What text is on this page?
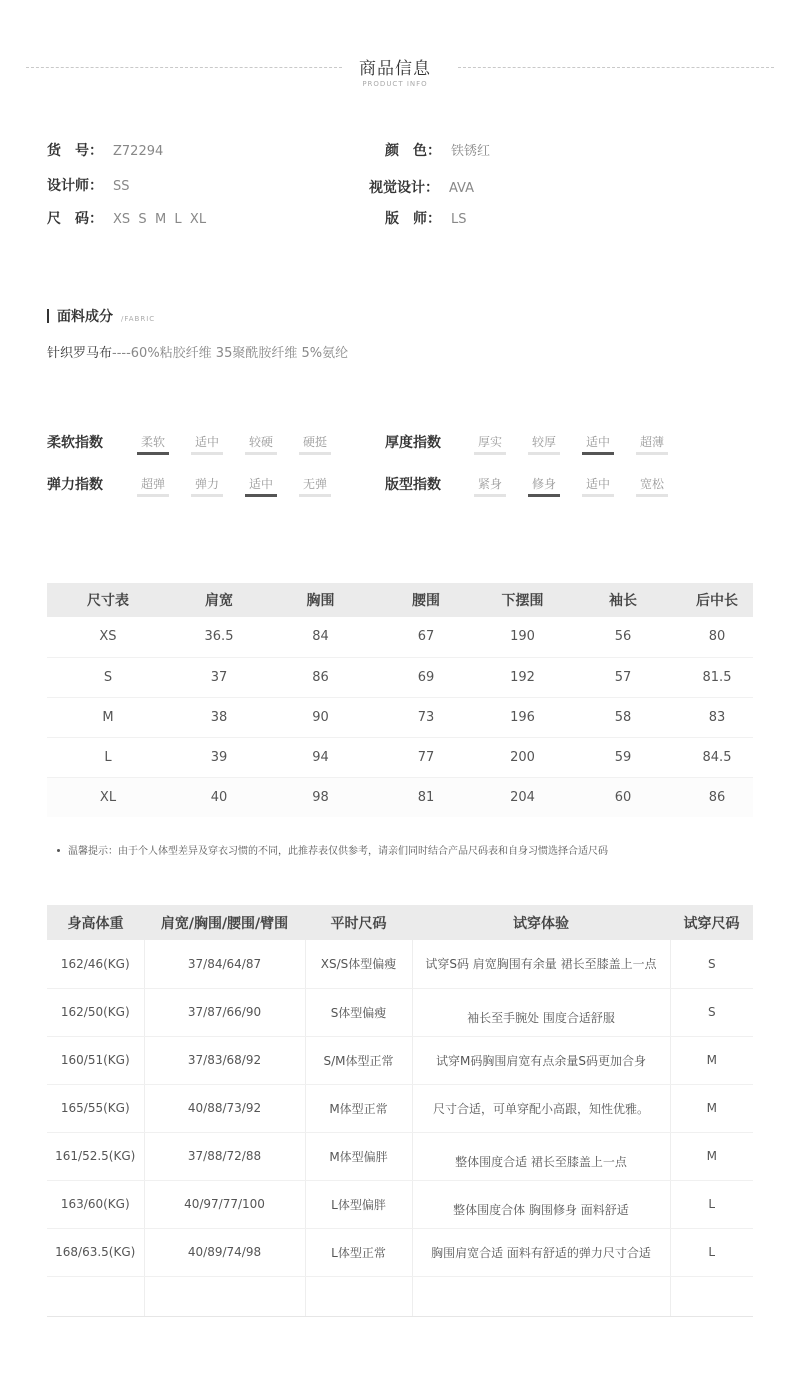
商品信息
PRODUCT INFO
货　号： Z72294	颜　色： 铁锈红
设计师： SS	视觉设计： AVA
尺　码： XS  S  M  L  XL	版　师： LS
面料成分 /FABRIC
针织罗马布----60%粘胶纤维 35聚酰胺纤维 5%氨纶
柔软指数	柔软	适中	较硬	硬挺	厚度指数	厚实	较厚	适中	超薄
弹力指数	超弹	弹力	适中	无弹	版型指数	紧身	修身	适中	宽松
尺寸表	肩宽	胸围	腰围	下摆围	袖长	后中长
XS	36.5	84	67	190	56	80
S	37	86	69	192	57	81.5
M	38	90	73	196	58	83
L	39	94	77	200	59	84.5
XL	40	98	81	204	60	86
温馨提示：由于个人体型差异及穿衣习惯的不同，此推荐表仅供参考，请亲们同时结合产品尺码表和自身习惯选择合适尺码
身高体重	肩宽/胸围/腰围/臂围	平时尺码	试穿体验	试穿尺码
162/46(KG)	37/84/64/87	XS/S体型偏瘦	试穿S码 肩宽胸围有余量 裙长至膝盖上一点	S
162/50(KG)	37/87/66/90	S体型偏瘦	袖长至手腕处 围度合适舒服	S
160/51(KG)	37/83/68/92	S/M体型正常	试穿M码胸围肩宽有点余量S码更加合身	M
165/55(KG)	40/88/73/92	M体型正常	尺寸合适，可单穿配小高跟，知性优雅。	M
161/52.5(KG)	37/88/72/88	M体型偏胖	整体围度合适 裙长至膝盖上一点	M
163/60(KG)	40/97/77/100	L体型偏胖	整体围度合体 胸围修身 面料舒适	L
168/63.5(KG)	40/89/74/98	L体型正常	胸围肩宽合适 面料有舒适的弹力尺寸合适	L
